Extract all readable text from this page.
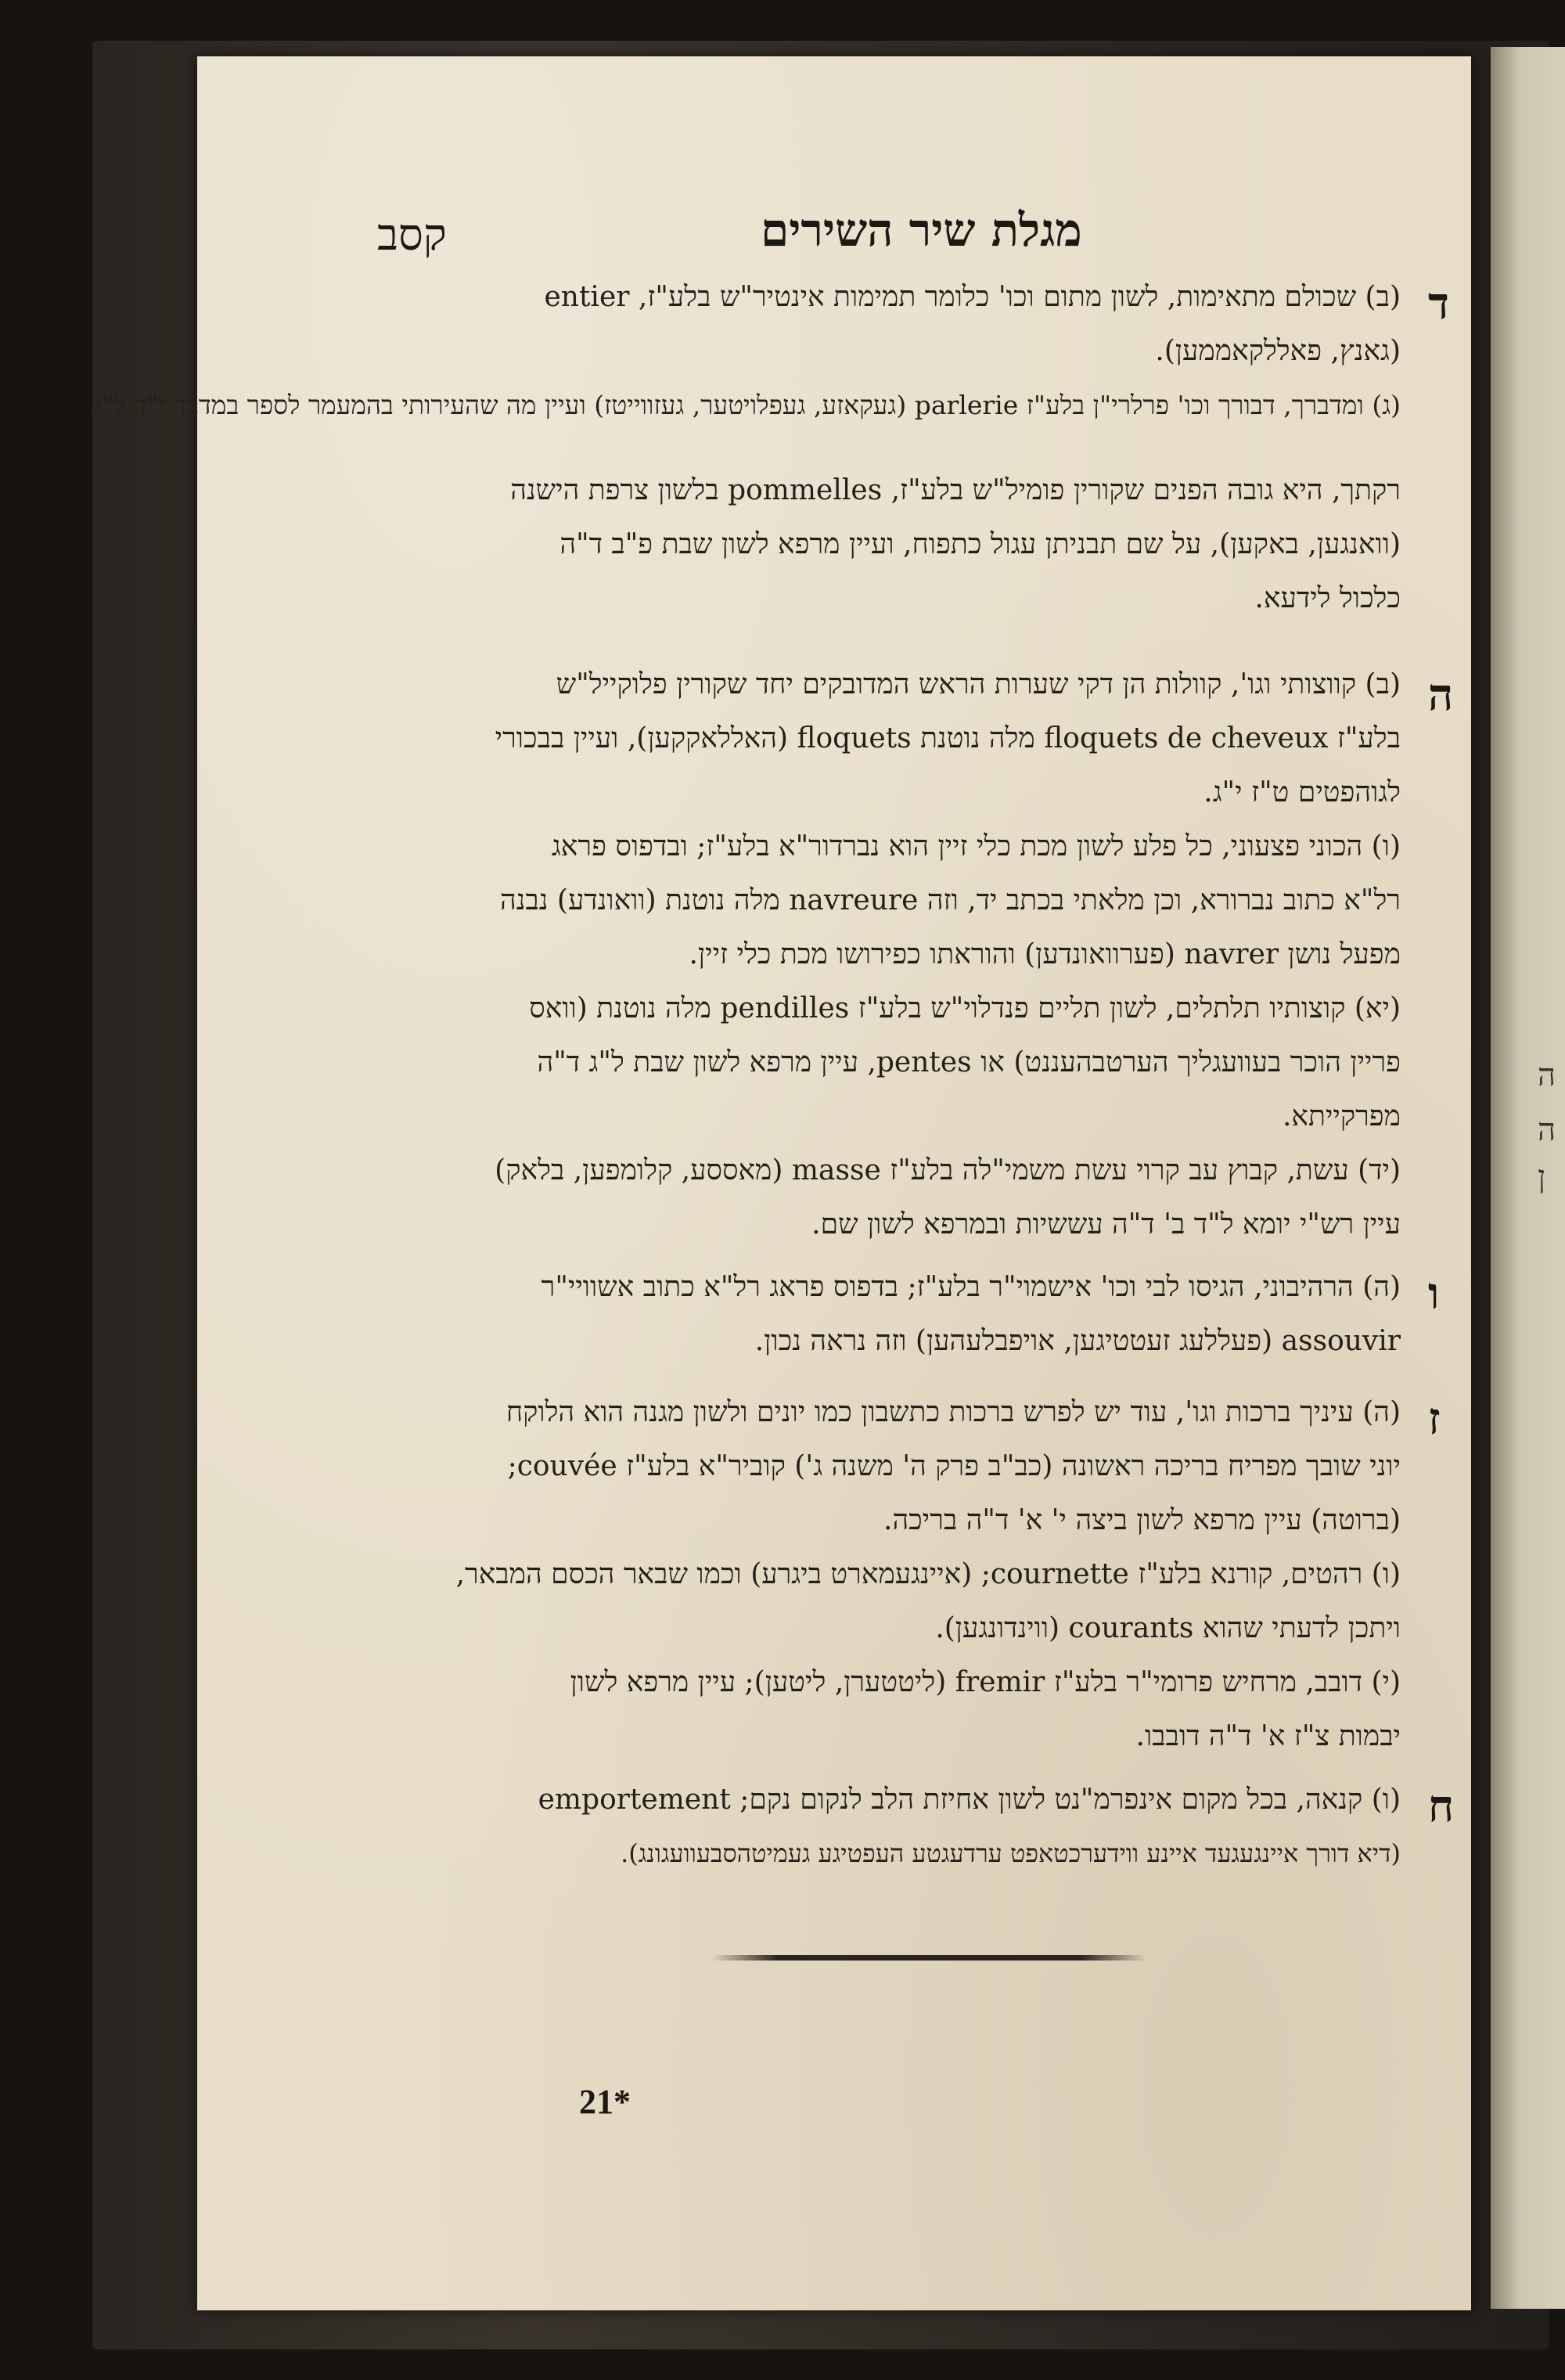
ה
ן
ה
קסב	מגלת שיר השירים
ד
(ב) שכולם מתאימות, לשון מתום וכו' כלומר תמימות אינטיר"ש בלע"ז, entier
(גאנץ, פאללקאממען).
(ג) ומדברך, דבורך וכו' פרלרי"ן בלע"ז parlerie (געקאזע, געפלויטער, געזווייטז) ועיין מה שהעירותי בהמעמר לספר במדבר י"ד ל"ו.
רקתך, היא גובה הפנים שקורין פומיל"ש בלע"ז, pommelles בלשון צרפת הישנה
(וואנגען, באקען), על שם תבניתן עגול כתפוח, ועיין מרפא לשון שבת פ"ב ד"ה
כלכול לידעא.
ה
(ב) קווצותי וגו', קוולות הן דקי שערות הראש המדובקים יחד שקורין פלוקייל"ש
בלע"ז floquets de cheveux מלה נוטנת floquets (האללאקקען), ועיין בבכורי
לגוהפטים ט"ז י"ג.
(ו) הכוני פצעוני, כל פלע לשון מכת כלי זיין הוא נברדור"א בלע"ז; ובדפוס פראג
רל"א כתוב נברורא, וכן מלאתי בכתב יד, וזה navreure מלה נוטנת (וואונדע) נבנה
מפעל נושן navrer (פערוואונדען) והוראתו כפירושו מכת כלי זיין.
(יא) קוצותיו תלתלים, לשון תליים פנדלוי"ש בלע"ז pendilles מלה נוטנת (וואס
פריין הוכר בעוועגליך הערטבהעננט) או pentes, עיין מרפא לשון שבת ל"ג ד"ה
מפרקייתא.
(יד) עשת, קבוץ עב קרוי עשת משמי"לה בלע"ז masse (מאססע, קלומפען, בלאק)
עיין רש"י יומא ל"ד ב' ד"ה עששיות ובמרפא לשון שם.
ו
(ה) הרהיבוני, הגיסו לבי וכו' אישמוי"ר בלע"ז; בדפוס פראג רל"א כתוב אשוויי"ר
assouvir (פעללעג זעטטיגען, אויפבלעהען) וזה נראה נכון.
ז
(ה) עיניך ברכות וגו', עוד יש לפרש ברכות כתשבון כמו יונים ולשון מגנה הוא הלוקח
יוני שובך מפריח בריכה ראשונה (כב"ב פרק ה' משנה ג') קוביר"א בלע"ז couvée;
(ברוטה) עיין מרפא לשון ביצה י' א' ד"ה בריכה.
(ו) רהטים, קורנא בלע"ז cournette; (איינגעמארט ביגרע) וכמו שבאר הכסם המבאר,
ויתכן לדעתי שהוא courants (ווינדונגען).
(י) דובב, מרחיש פרומי"ר בלע"ז fremir (ליטטערן, ליטען); עיין מרפא לשון
יבמות צ"ז א' ד"ה דובבו.
ח
(ו) קנאה, בכל מקום אינפרמ"נט לשון אחיזת הלב לנקום נקם; emportement
(דיא דורך איינגעגעד איינע ווידערכטאפט ערדעגטע העפטיגע געמיטהסבעוועגונג).
21*
